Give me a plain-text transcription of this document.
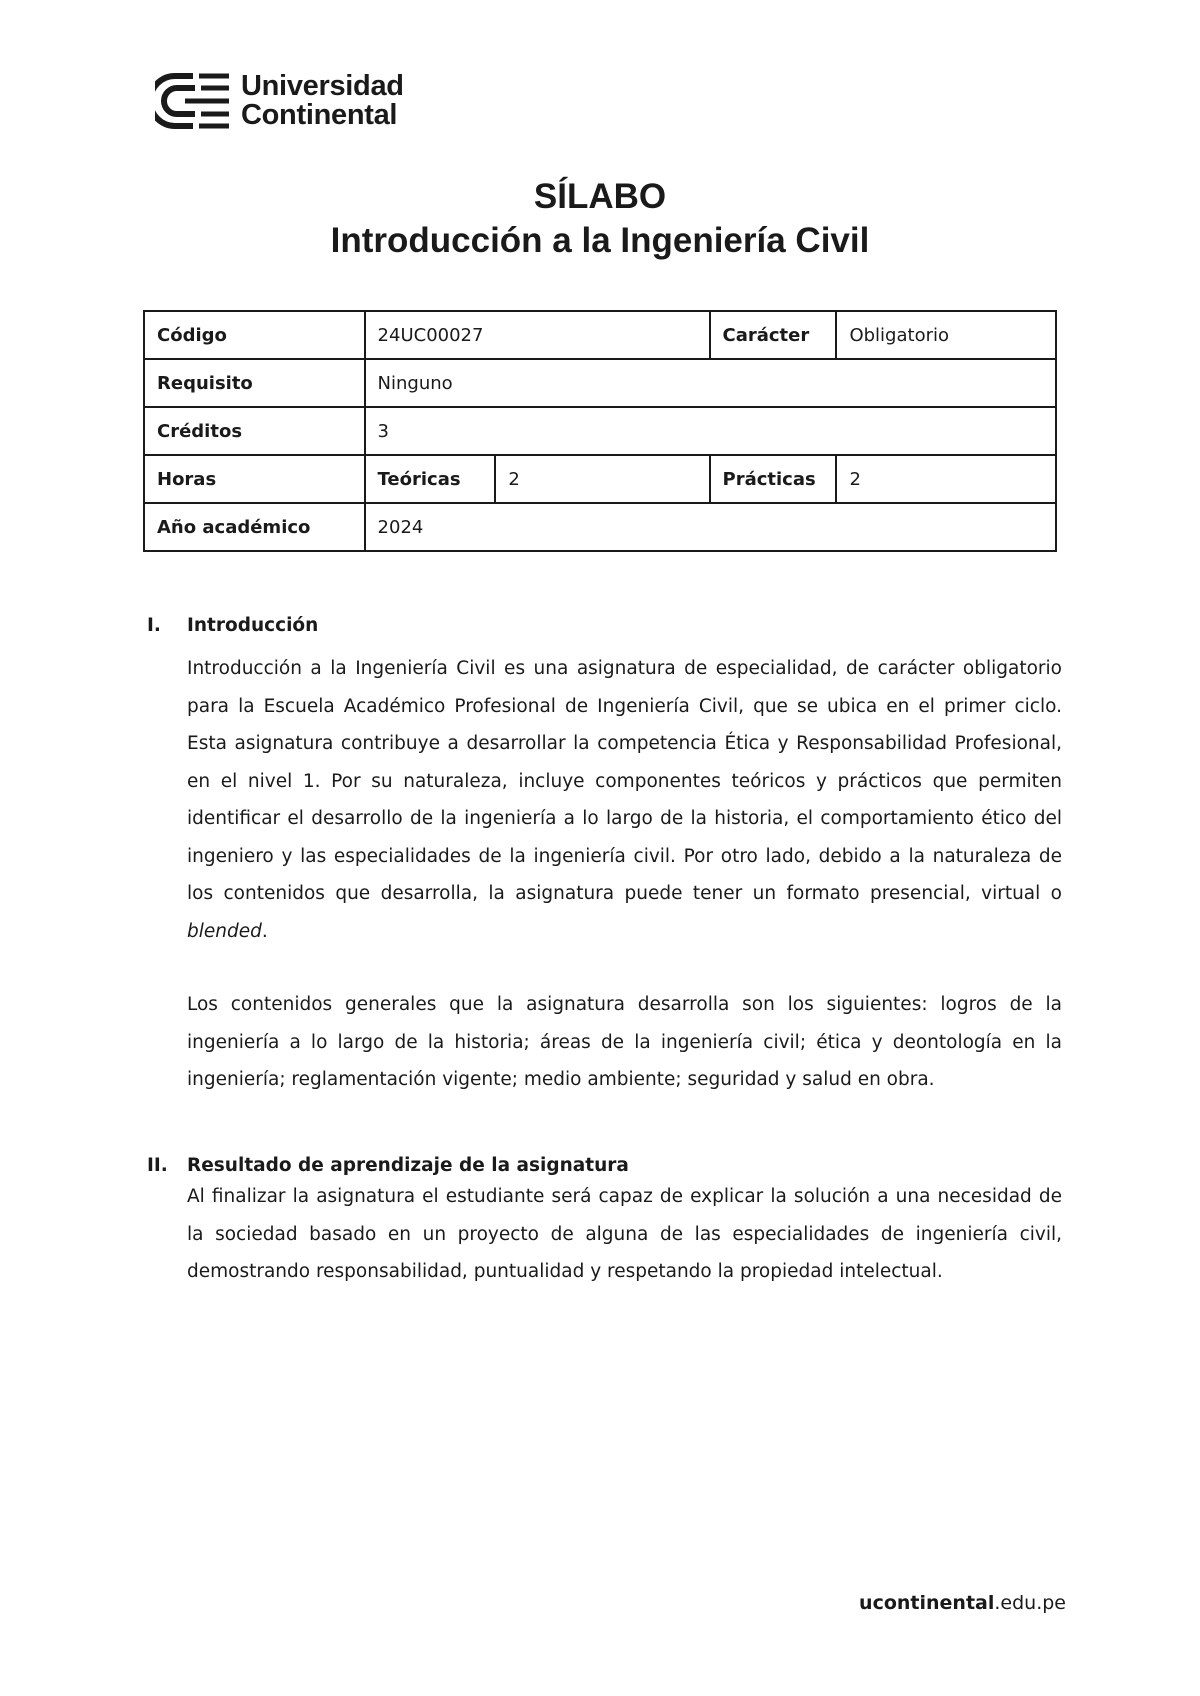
Universidad
Continental
SÍLABO
Introducción a la Ingeniería Civil
Código	24UC00027		Carácter	Obligatorio
Requisito	Ninguno			
Créditos	3			
Horas	Teóricas	2	Prácticas	2
Año académico	2024			
I.	Introducción

Introducción a la Ingeniería Civil es una asignatura de especialidad, de carácter obligatorio para la Escuela Académico Profesional de Ingeniería Civil, que se ubica en el primer ciclo. Esta asignatura contribuye a desarrollar la competencia Ética y Responsabilidad Profesional, en el nivel 1. Por su naturaleza, incluye componentes teóricos y prácticos que permiten identificar el desarrollo de la ingeniería a lo largo de la historia, el comportamiento ético del ingeniero y las especialidades de la ingeniería civil. Por otro lado, debido a la naturaleza de los contenidos que desarrolla, la asignatura puede tener un formato presencial, virtual o blended.

Los contenidos generales que la asignatura desarrolla son los siguientes: logros de la ingeniería a lo largo de la historia; áreas de la ingeniería civil; ética y deontología en la ingeniería; reglamentación vigente; medio ambiente; seguridad y salud en obra.

II.	Resultado de aprendizaje de la asignatura

Al finalizar la asignatura el estudiante será capaz de explicar la solución a una necesidad de la sociedad basado en un proyecto de alguna de las especialidades de ingeniería civil, demostrando responsabilidad, puntualidad y respetando la propiedad intelectual.

ucontinental.edu.pe
